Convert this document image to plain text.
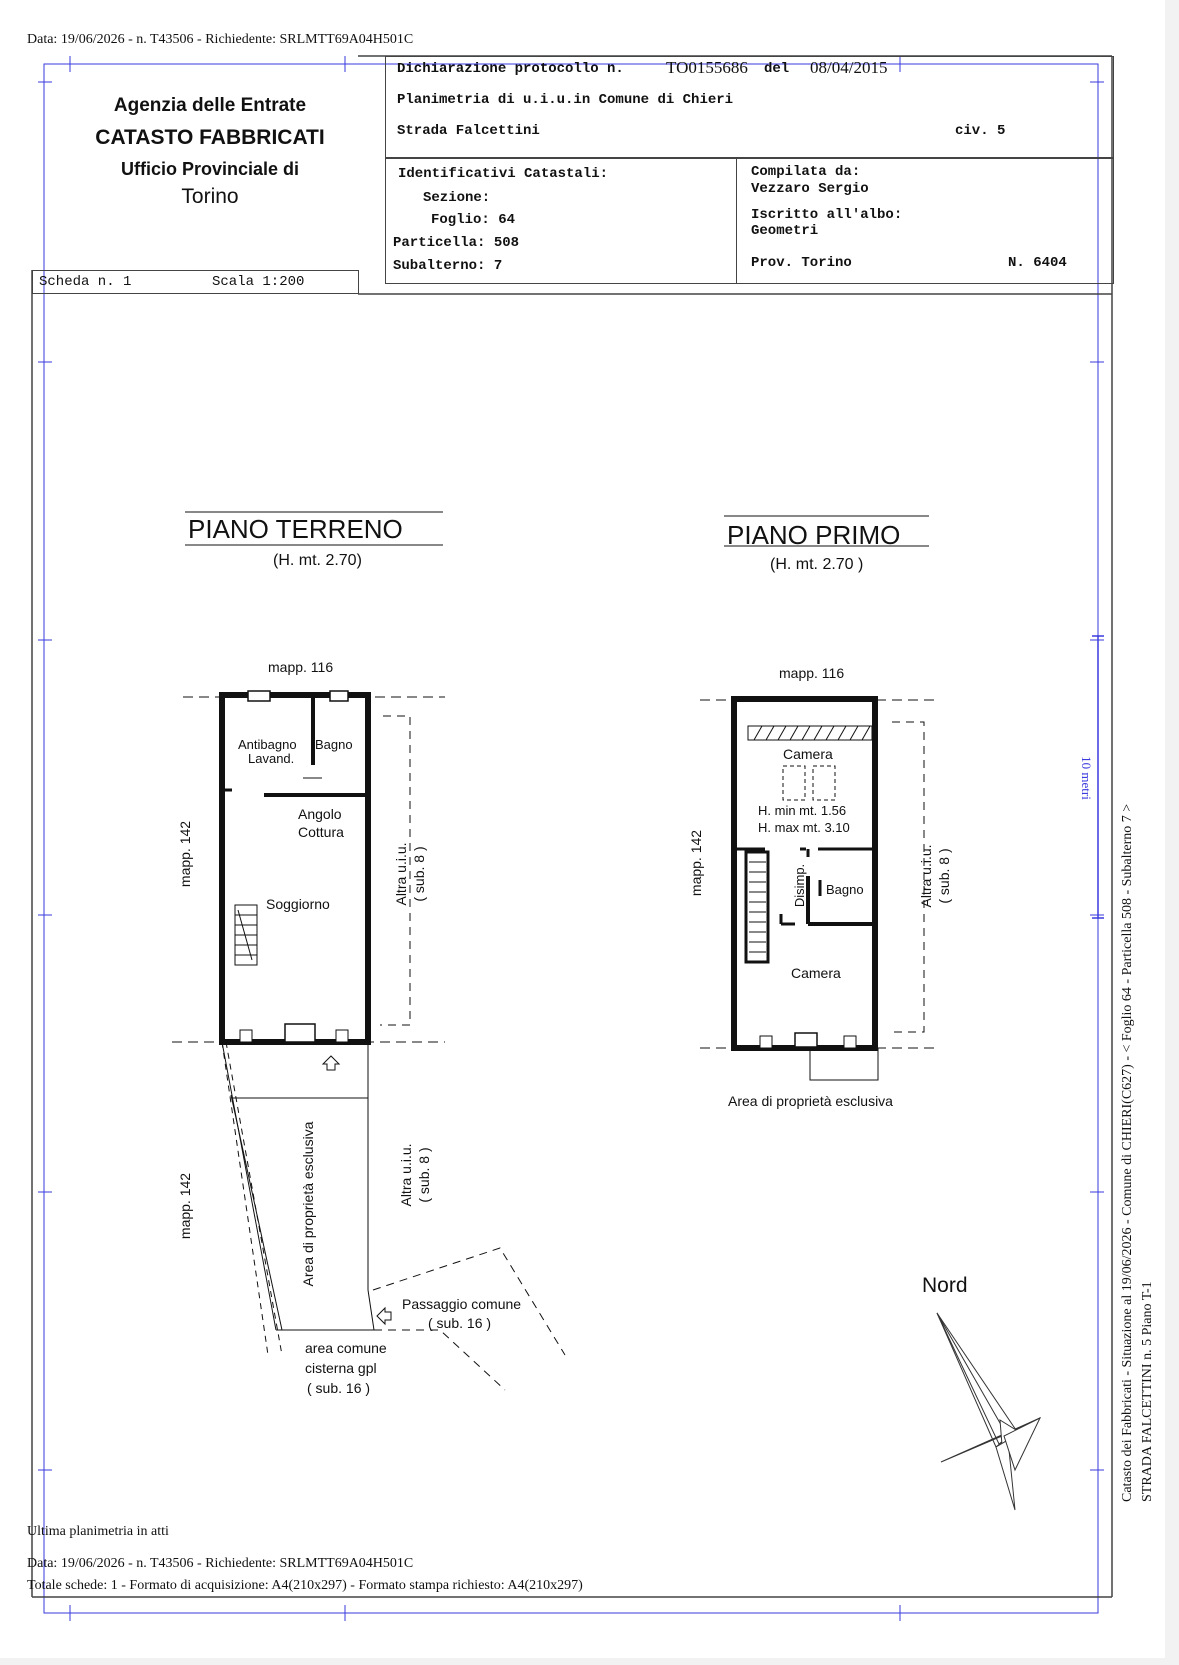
Data: 19/06/2026 - n. T43506 - Richiedente: SRLMTT69A04H501C
Agenzia delle Entrate
CATASTO FABBRICATI
Ufficio Provinciale di
Torino
Scheda n. 1	Scala 1:200
Dichiarazione protocollo n. TO0155686 del 08/04/2015
Planimetria di u.i.u.in Comune di Chieri
Strada Falcettini	civ. 5
Identificativi Catastali:
Sezione:
Foglio: 64
Particella: 508
Subalterno: 7
Compilata da:
Vezzaro Sergio
Iscritto all'albo:
Geometri
Prov. Torino	N. 6404
PIANO TERRENO
(H. mt. 2.70)
mapp. 116
mapp. 142
mapp. 142
Antibagno
Lavand.
Bagno
Angolo
Cottura
Soggiorno	Altra u.i.u. ( sub. 8 )
Altra u.i.u. ( sub. 8 )
Area di proprietà esclusiva
Passaggio comune
( sub. 16 )
area comune
cisterna gpl
( sub. 16 )
PIANO PRIMO
(H. mt. 2.70 )
mapp. 116
mapp. 142
Camera
H. min mt. 1.56
H. max mt. 3.10
Disimp. Bagno
Camera
Altra u.i.u. ( sub. 8 )
Area di proprietà esclusiva
Nord
10 metri
Catasto dei Fabbricati - Situazione al 19/06/2026 - Comune di CHIERI(C627) - < Foglio 64 - Particella 508 - Subalterno 7 > STRADA FALCETTINI n. 5 Piano T-1
Ultima planimetria in atti
Data: 19/06/2026 - n. T43506 - Richiedente: SRLMTT69A04H501C
Totale schede: 1 - Formato di acquisizione: A4(210x297) - Formato stampa richiesto: A4(210x297)
